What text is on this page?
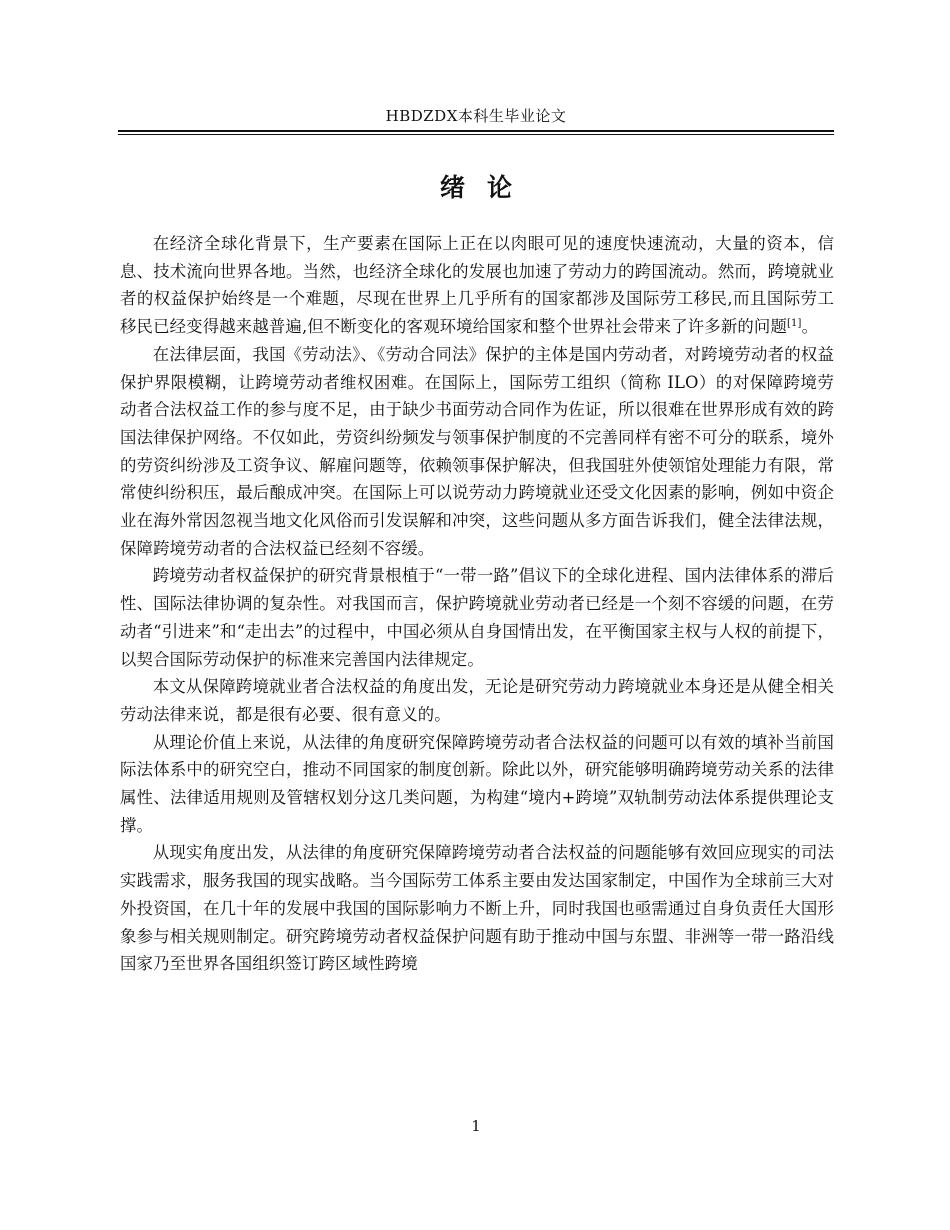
HBDZDX本科生毕业论文
绪论

在经济全球化背景下，生产要素在国际上正在以肉眼可见的速度快速流动，大量的资本，信息、技术流向世界各地。当然，也经济全球化的发展也加速了劳动力的跨国流动。然而，跨境就业者的权益保护始终是一个难题，尽现在世界上几乎所有的国家都涉及国际劳工移民,而且国际劳工移民已经变得越来越普遍,但不断变化的客观环境给国家和整个世界社会带来了许多新的问题[1]。

在法律层面，我国《劳动法》、《劳动合同法》保护的主体是国内劳动者，对跨境劳动者的权益保护界限模糊，让跨境劳动者维权困难。在国际上，国际劳工组织（简称 ILO）的对保障跨境劳动者合法权益工作的参与度不足，由于缺少书面劳动合同作为佐证，所以很难在世界形成有效的跨国法律保护网络。不仅如此，劳资纠纷频发与领事保护制度的不完善同样有密不可分的联系，境外的劳资纠纷涉及工资争议、解雇问题等，依赖领事保护解决，但我国驻外使领馆处理能力有限，常常使纠纷积压，最后酿成冲突。在国际上可以说劳动力跨境就业还受文化因素的影响，例如中资企业在海外常因忽视当地文化风俗而引发误解和冲突，这些问题从多方面告诉我们，健全法律法规，保障跨境劳动者的合法权益已经刻不容缓。

跨境劳动者权益保护的研究背景根植于“一带一路”倡议下的全球化进程、国内法律体系的滞后性、国际法律协调的复杂性。对我国而言，保护跨境就业劳动者已经是一个刻不容缓的问题，在劳动者“引进来”和“走出去”的过程中，中国必须从自身国情出发，在平衡国家主权与人权的前提下，以契合国际劳动保护的标准来完善国内法律规定。

本文从保障跨境就业者合法权益的角度出发，无论是研究劳动力跨境就业本身还是从健全相关劳动法律来说，都是很有必要、很有意义的。

从理论价值上来说，从法律的角度研究保障跨境劳动者合法权益的问题可以有效的填补当前国际法体系中的研究空白，推动不同国家的制度创新。除此以外，研究能够明确跨境劳动关系的法律属性、法律适用规则及管辖权划分这几类问题，为构建“境内+跨境”双轨制劳动法体系提供理论支撑。

从现实角度出发，从法律的角度研究保障跨境劳动者合法权益的问题能够有效回应现实的司法实践需求，服务我国的现实战略。当今国际劳工体系主要由发达国家制定，中国作为全球前三大对外投资国，在几十年的发展中我国的国际影响力不断上升，同时我国也亟需通过自身负责任大国形象参与相关规则制定。研究跨境劳动者权益保护问题有助于推动中国与东盟、非洲等一带一路沿线国家乃至世界各国组织签订跨区域性跨境

1
